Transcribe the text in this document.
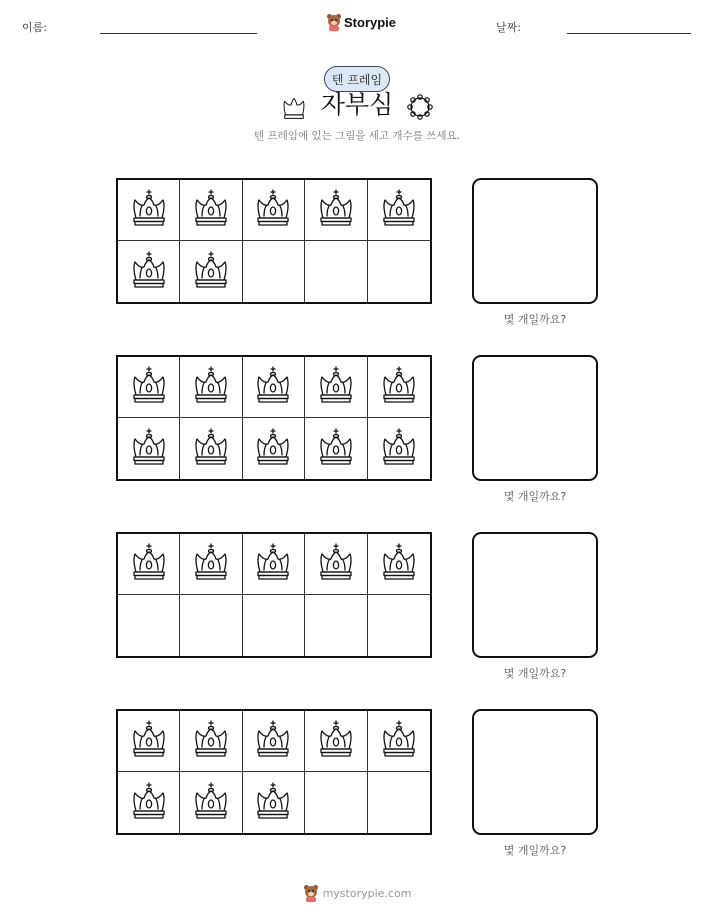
이름:	Storypie	날짜:
텐 프레임
자부심
텐 프레임에 있는 그림을 세고 개수를 쓰세요.
몇 개일까요?
몇 개일까요?
몇 개일까요?
몇 개일까요?
mystorypie.com
